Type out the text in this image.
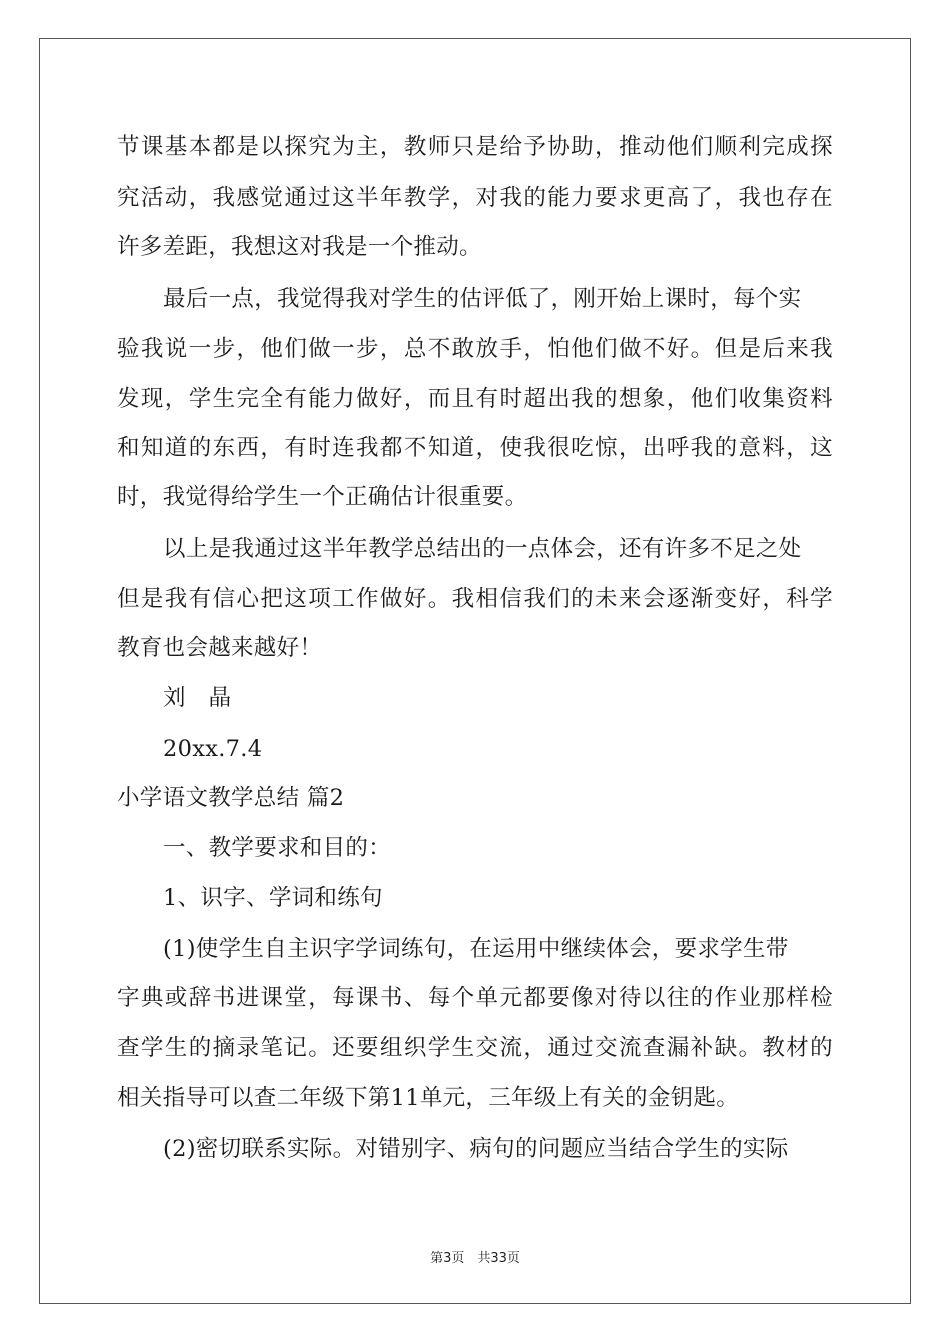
节课基本都是以探究为主，教师只是给予协助，推动他们顺利完成探
究活动，我感觉通过这半年教学，对我的能力要求更高了，我也存在
许多差距，我想这对我是一个推动。
最后一点，我觉得我对学生的估评低了，刚开始上课时，每个实
验我说一步，他们做一步，总不敢放手，怕他们做不好。但是后来我
发现，学生完全有能力做好，而且有时超出我的想象，他们收集资料
和知道的东西，有时连我都不知道，使我很吃惊，出呼我的意料，这
时，我觉得给学生一个正确估计很重要。
以上是我通过这半年教学总结出的一点体会，还有许多不足之处
但是我有信心把这项工作做好。我相信我们的未来会逐渐变好，科学
教育也会越来越好！
刘　晶
20xx.7.4
小学语文教学总结 篇2
一、教学要求和目的：
1、识字、学词和练句
(1)使学生自主识字学词练句，在运用中继续体会，要求学生带
字典或辞书进课堂，每课书、每个单元都要像对待以往的作业那样检
查学生的摘录笔记。还要组织学生交流，通过交流查漏补缺。教材的
相关指导可以查二年级下第11单元，三年级上有关的金钥匙。
(2)密切联系实际。对错别字、病句的问题应当结合学生的实际
第3页　共33页
